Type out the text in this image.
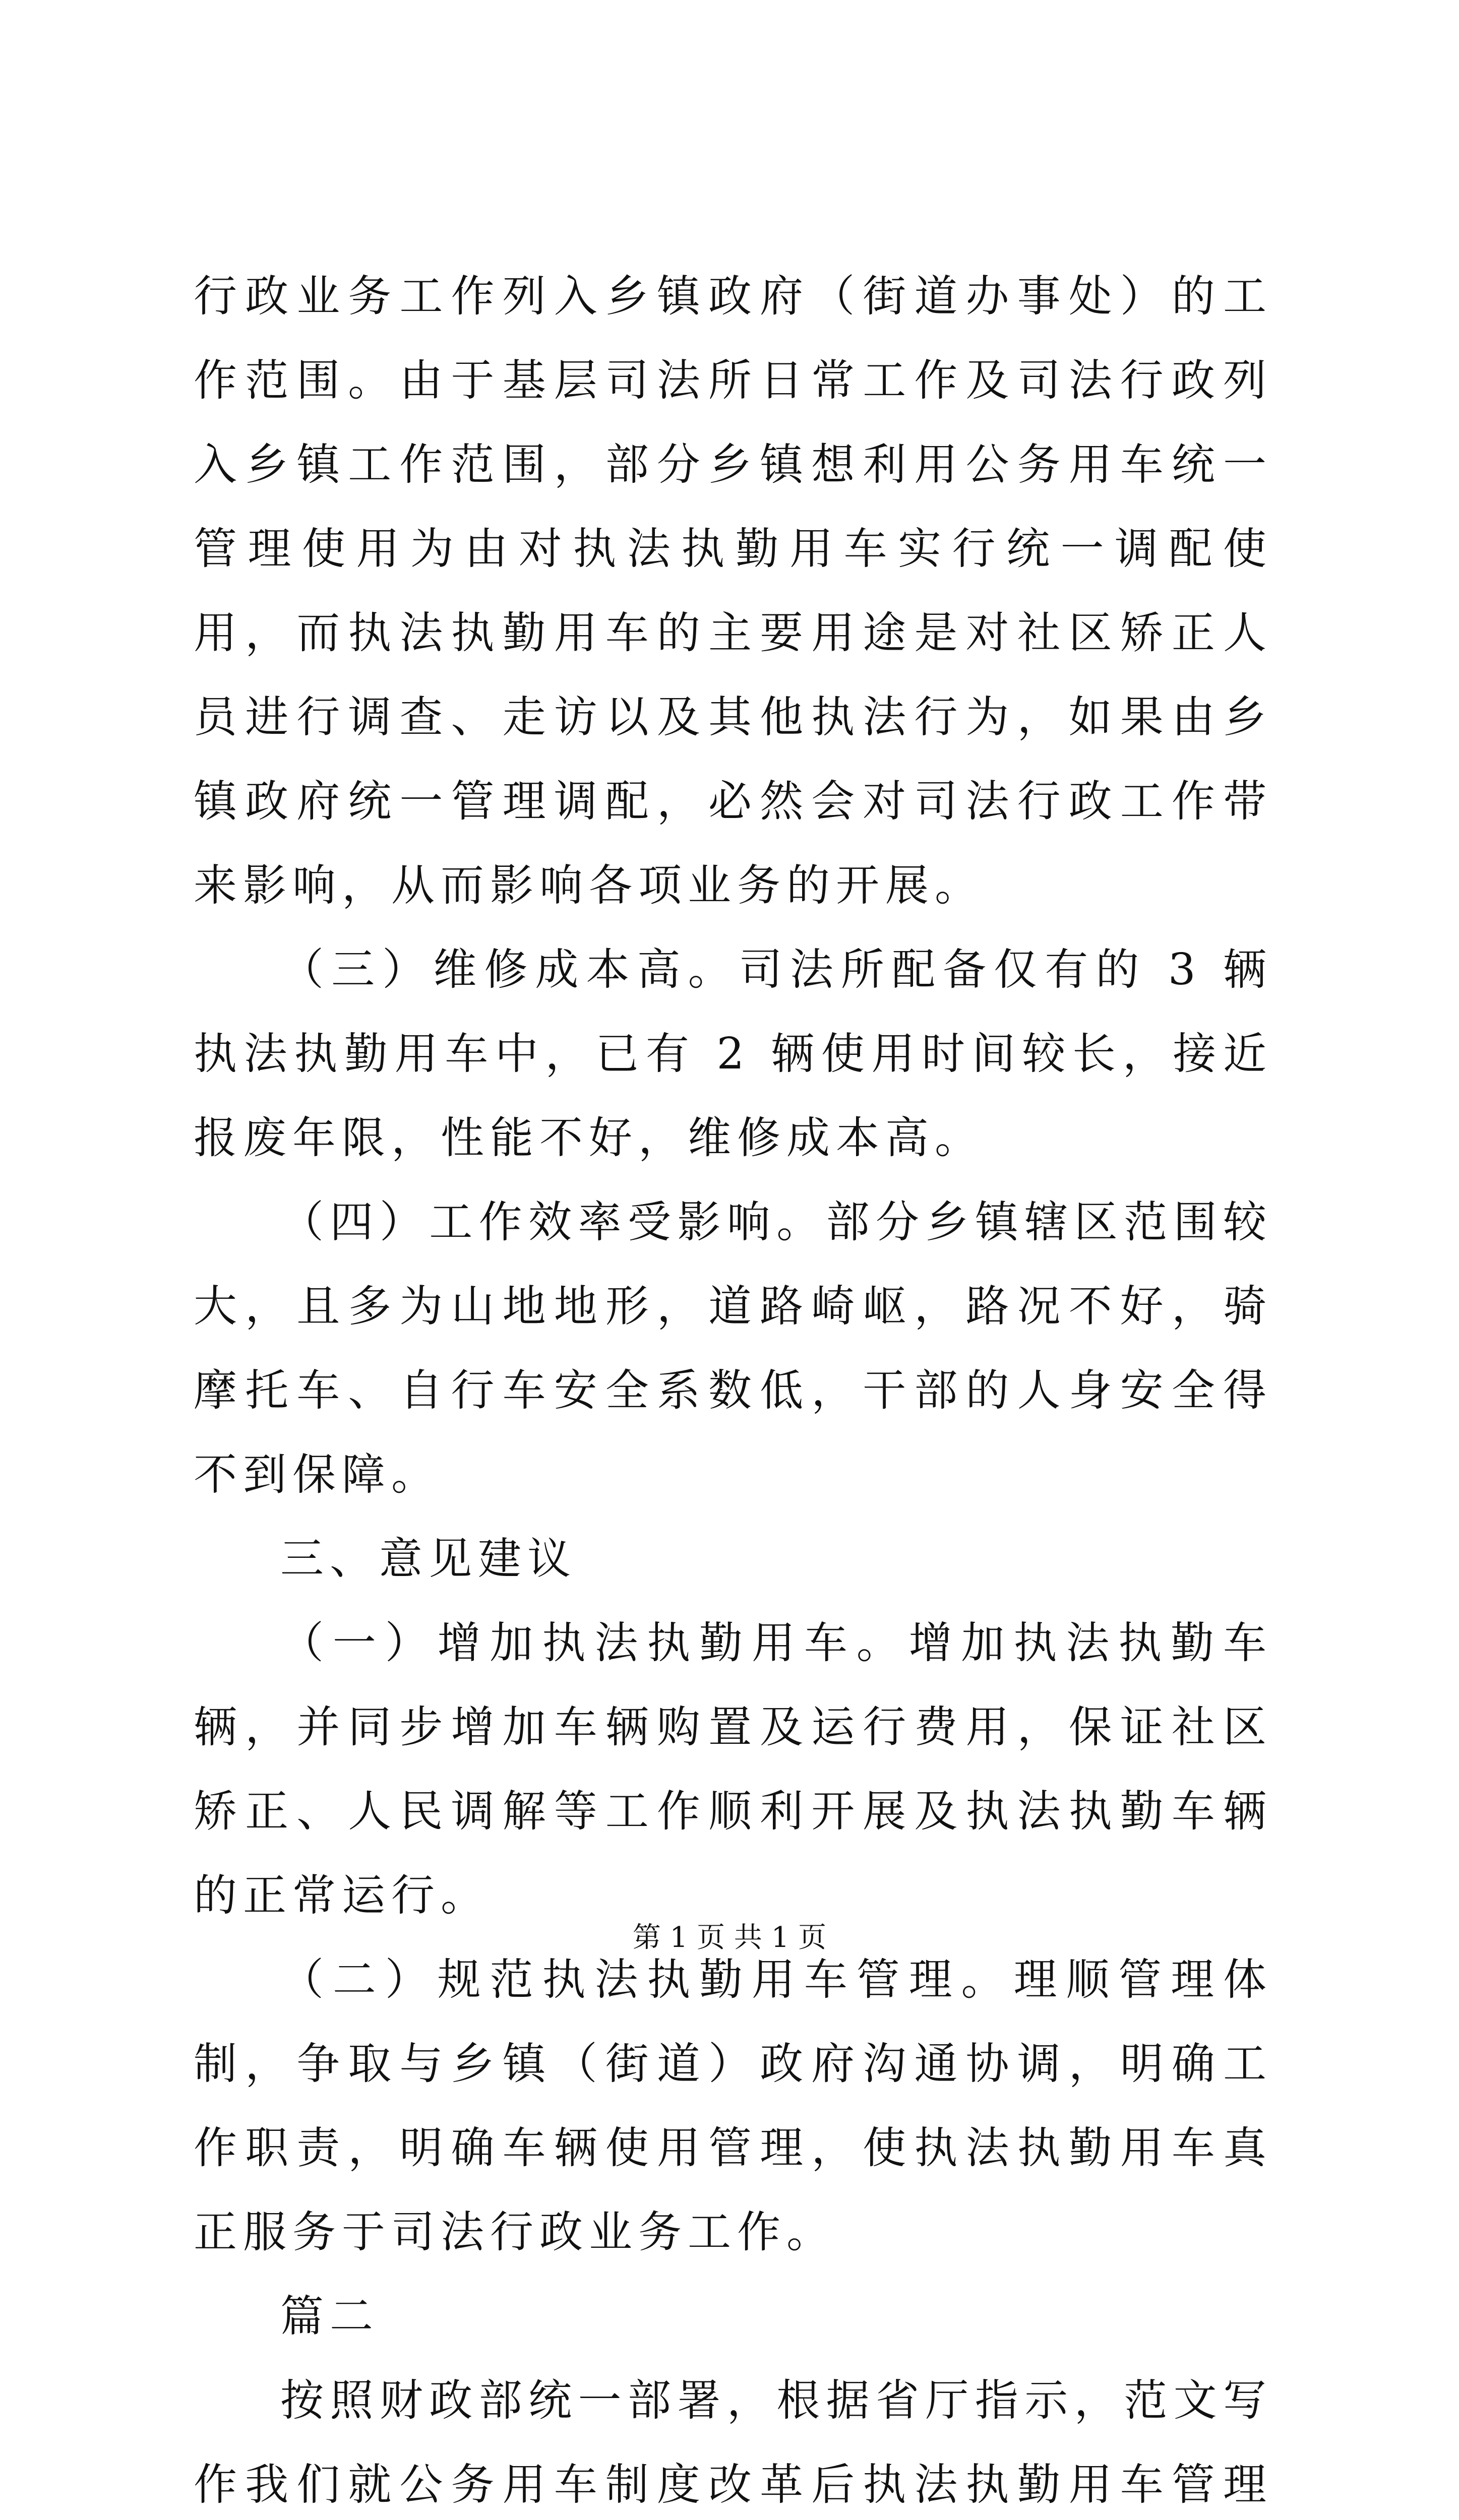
行政业务工作列入乡镇政府（街道办事处）的工作范围。由于基层司法所日常工作及司法行政列入乡镇工作范围，部分乡镇想利用公务用车统一管理使用为由对执法执勤用车实行统一调配使用，而执法执勤用车的主要用途是对社区矫正人员进行调查、走访以及其他执法行为，如果由乡镇政府统一管理调配，必然会对司法行政工作带来影响，从而影响各项业务的开展。

（三）维修成本高。司法所配备仅有的 3 辆执法执勤用车中，已有 2 辆使用时间较长，接近报废年限，性能不好，维修成本高。

（四）工作效率受影响。部分乡镇辖区范围较大，且多为山地地形，道路崎岖，路况不好，骑摩托车、自行车安全系数低，干部的人身安全得不到保障。

三、意见建议

（一）增加执法执勤用车。增加执法执勤车辆，并同步增加车辆购置及运行费用，保证社区矫正、人民调解等工作顺利开展及执法执勤车辆的正常运行。

（二）规范执法执勤用车管理。理顺管理体制，争取与乡镇（街道）政府沟通协调，明确工作职责，明确车辆使用管理，使执法执勤用车真正服务于司法行政业务工作。

篇二

按照财政部统一部署，根据省厅指示，范文写作我们就公务用车制度改革后执法执勤用车管理

第 1 页 共 1 页
